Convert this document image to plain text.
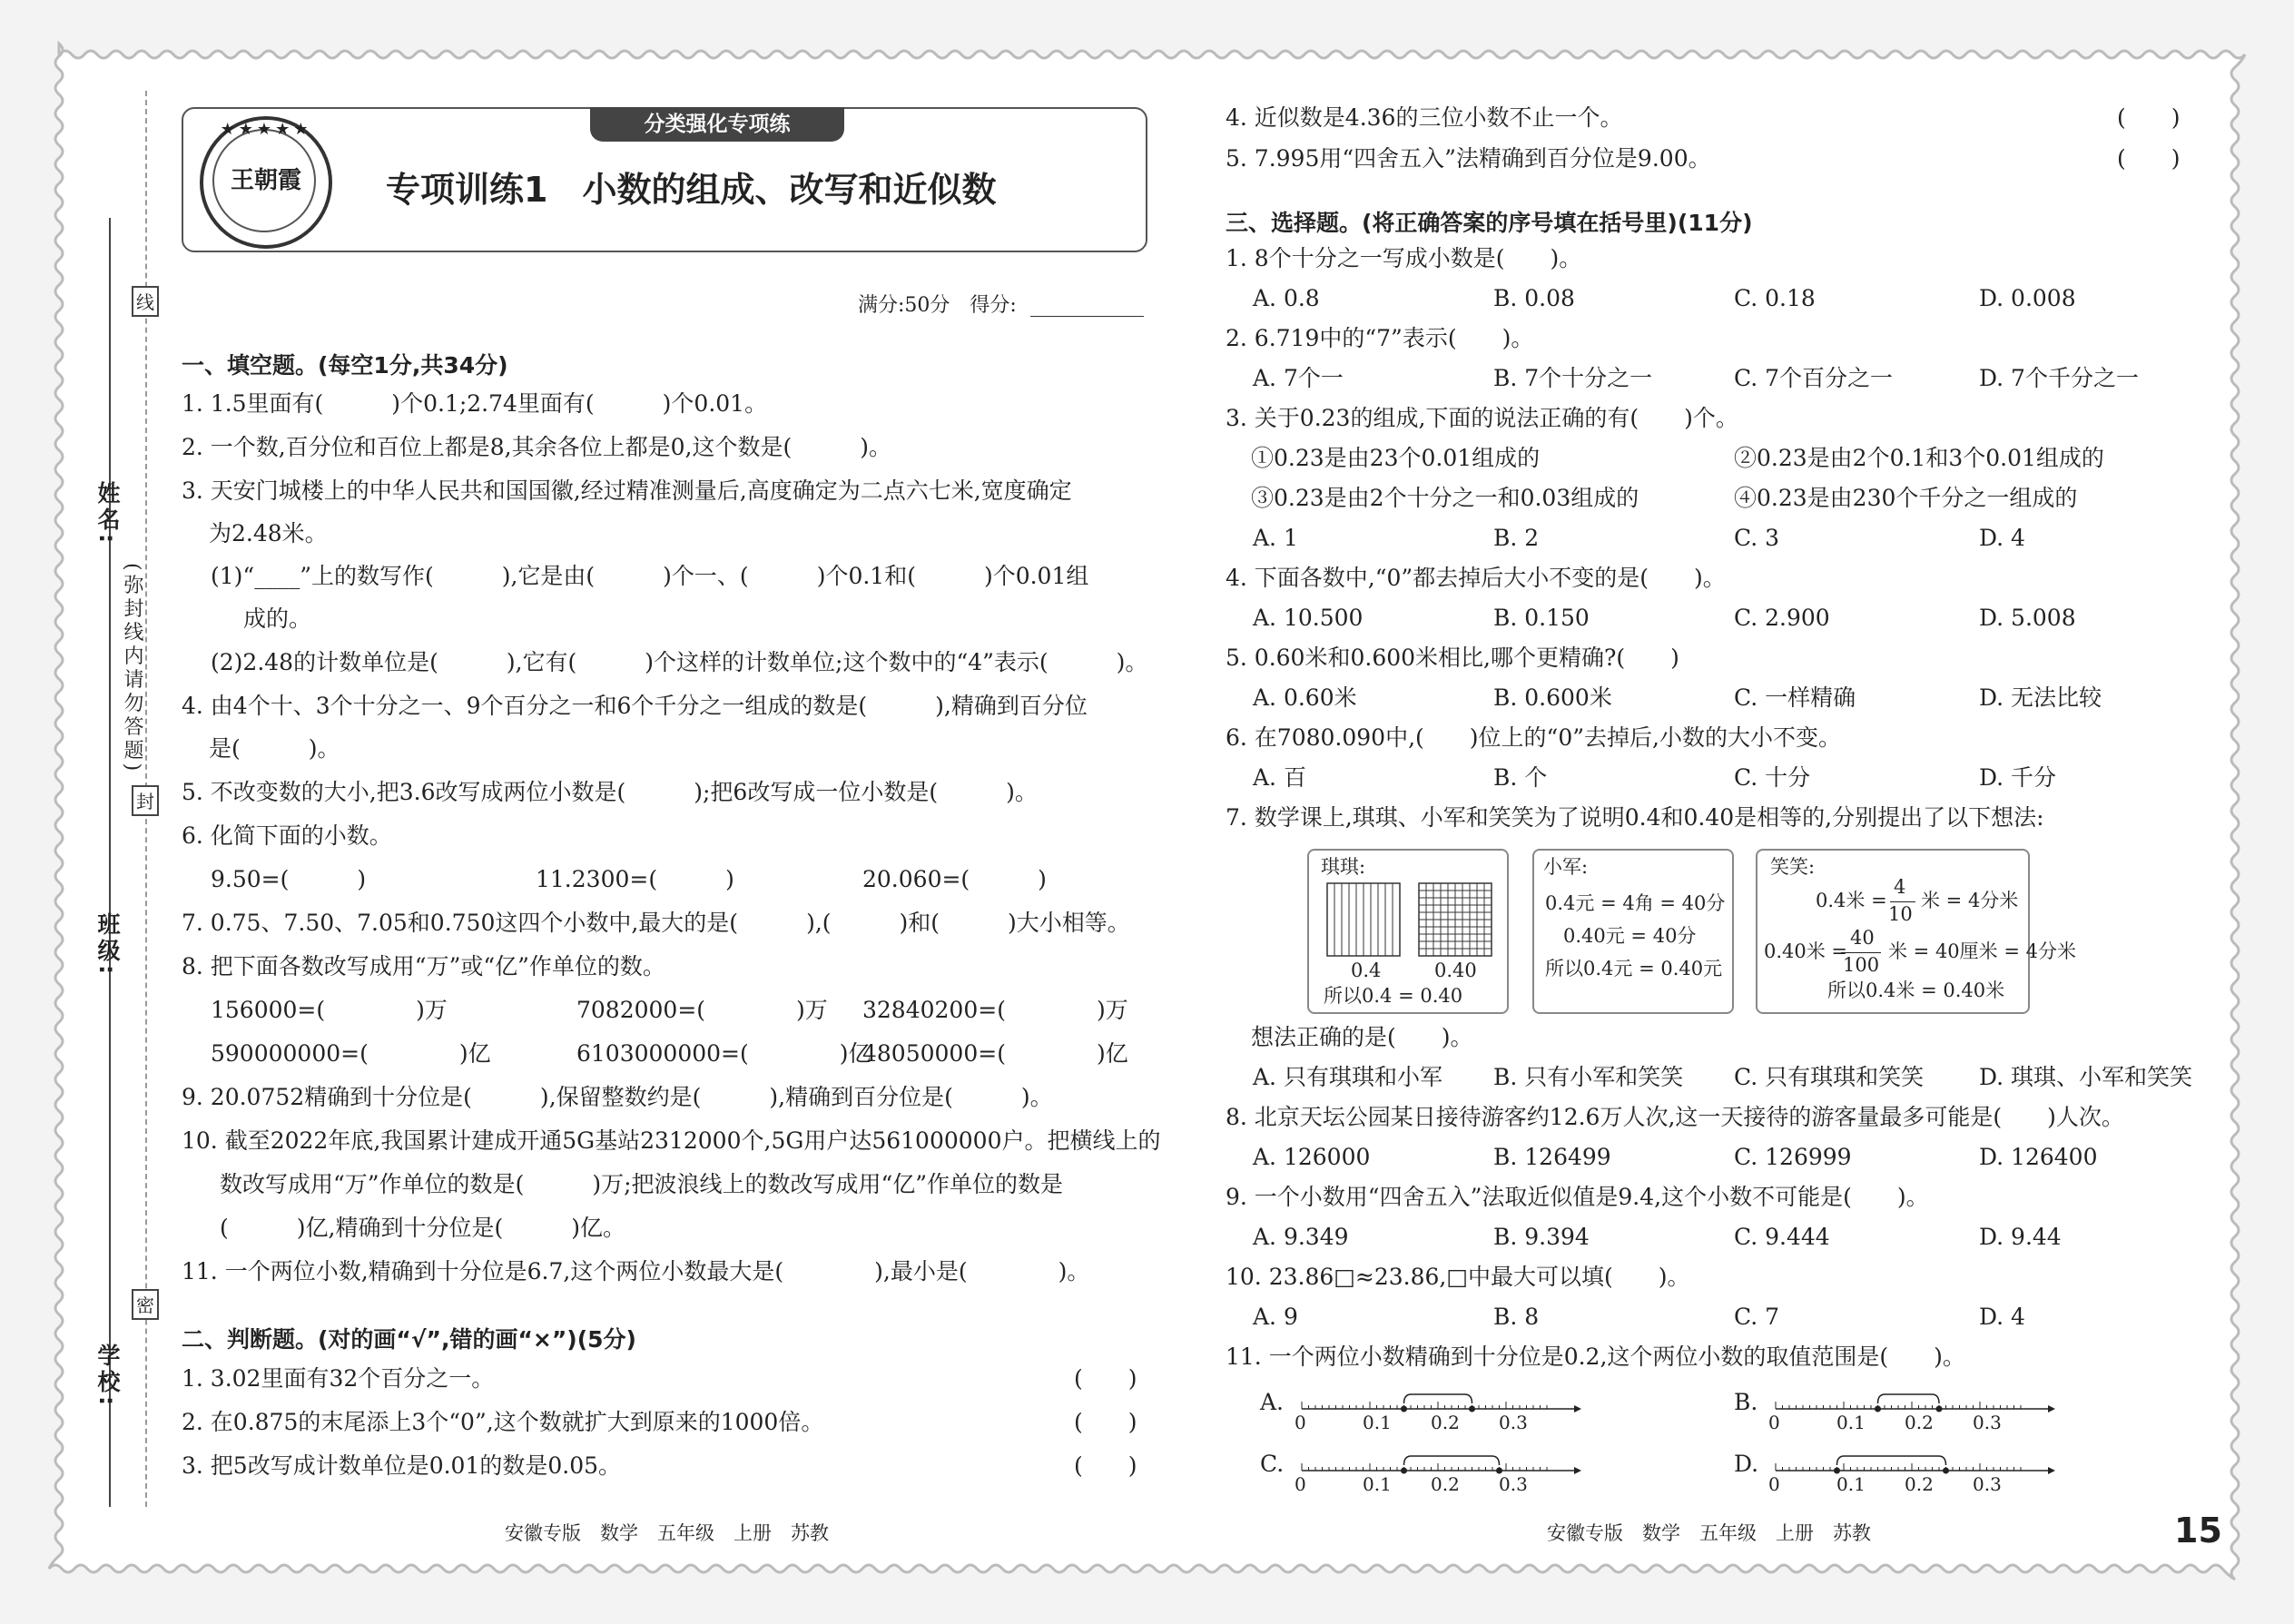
姓名:
班级:
学校:
(弥封线内请勿答题)
线
封
密
王朝霞
★★★★★	分类强化专项练
专项训练1　小数的组成、改写和近似数
满分:50分　得分:
一、填空题。(每空1分,共34分)
1. 1.5里面有(　　　)个0.1;2.74里面有(　　　)个0.01。
2. 一个数,百分位和百位上都是8,其余各位上都是0,这个数是(　　　)。
3. 天安门城楼上的中华人民共和国国徽,经过精准测量后,高度确定为二点六七米,宽度确定
为2.48米。
(1)“____”上的数写作(　　　),它是由(　　　)个一、(　　　)个0.1和(　　　)个0.01组
成的。
(2)2.48的计数单位是(　　　),它有(　　　)个这样的计数单位;这个数中的“4”表示(　　　)。
4. 由4个十、3个十分之一、9个百分之一和6个千分之一组成的数是(　　　),精确到百分位
是(　　　)。
5. 不改变数的大小,把3.6改写成两位小数是(　　　);把6改写成一位小数是(　　　)。
6. 化简下面的小数。
9.50=(　　　)	11.2300=(　　　)	20.060=(　　　)
7. 0.75、7.50、7.05和0.750这四个小数中,最大的是(　　　),(　　　)和(　　　)大小相等。
8. 把下面各数改写成用“万”或“亿”作单位的数。
156000=(　　　　)万	7082000=(　　　　)万 32840200=(　　　　)万
590000000=(　　　　)亿	6103000000=(　　　　)亿
48050000=(　　　　)亿
9. 20.0752精确到十分位是(　　　),保留整数约是(　　　),精确到百分位是(　　　)。
10. 截至2022年底,我国累计建成开通5G基站2312000个,5G用户达561000000户。把横线上的
数改写成用“万”作单位的数是(　　　)万;把波浪线上的数改写成用“亿”作单位的数是
(　　　)亿,精确到十分位是(　　　)亿。
11. 一个两位小数,精确到十分位是6.7,这个两位小数最大是(　　　　),最小是(　　　　)。
二、判断题。(对的画“√”,错的画“×”)(5分)
1. 3.02里面有32个百分之一。
2. 在0.875的末尾添上3个“0”,这个数就扩大到原来的1000倍。
3. 把5改写成计数单位是0.01的数是0.05。
(　　)
(　　)
(　　)
4. 近似数是4.36的三位小数不止一个。
5. 7.995用“四舍五入”法精确到百分位是9.00。
三、选择题。(将正确答案的序号填在括号里)(11分)
1. 8个十分之一写成小数是(　　)。
2. 6.719中的“7”表示(　　)。
3. 关于0.23的组成,下面的说法正确的有(　　)个。
4. 下面各数中,“0”都去掉后大小不变的是(　　)。
5. 0.60米和0.600米相比,哪个更精确?(　　)
6. 在7080.090中,(　　)位上的“0”去掉后,小数的大小不变。
7. 数学课上,琪琪、小军和笑笑为了说明0.4和0.40是相等的,分别提出了以下想法:
想法正确的是(　　)。
8. 北京天坛公园某日接待游客约12.6万人次,这一天接待的游客量最多可能是(　　)人次。
9. 一个小数用“四舍五入”法取近似值是9.4,这个小数不可能是(　　)。
10. 23.86□≈23.86,□中最大可以填(　　)。
11. 一个两位小数精确到十分位是0.2,这个两位小数的取值范围是(　　)。
(　　)
(　　)
A. 0.8	B. 0.08	C. 0.18	D. 0.008
A. 7个一	B. 7个十分之一	C. 7个百分之一	D. 7个千分之一
A. 10.500	B. 0.150	C. 2.900	D. 5.008
A. 0.60米	B. 0.600米	C. 一样精确	D. 无法比较
A. 百	B. 个	C. 十分	D. 千分
A. 只有琪琪和小军 B. 只有小军和笑笑 C. 只有琪琪和笑笑 D. 琪琪、小军和笑笑
A. 126000	B. 126499	C. 126999	D. 126400
A. 9.349	B. 9.394	C. 9.444	D. 9.44
A. 9	B. 8	C. 7	D. 4
①0.23是由23个0.01组成的	②0.23是由2个0.1和3个0.01组成的
③0.23是由2个十分之一和0.03组成的	④0.23是由230个千分之一组成的
A. 1	B. 2	C. 3	D. 4
琪琪:
0.4	0.40
所以0.4 = 0.40
小军:
0.4元 = 4角 = 40分
0.40元 = 40分
所以0.4元 = 0.40元
笑笑:
0.4米 =
4
10
米 = 4分米
0.40米 =
40
100
米 = 40厘米 = 4分米
所以0.4米 = 0.40米
A.
0	0.1 0.2 0.3
B.
0	0.1 0.2 0.3
C.
0	0.1 0.2 0.3
D.
0	0.1 0.2 0.3
安徽专版　数学　五年级　上册　苏教	安徽专版　数学　五年级　上册　苏教	15
